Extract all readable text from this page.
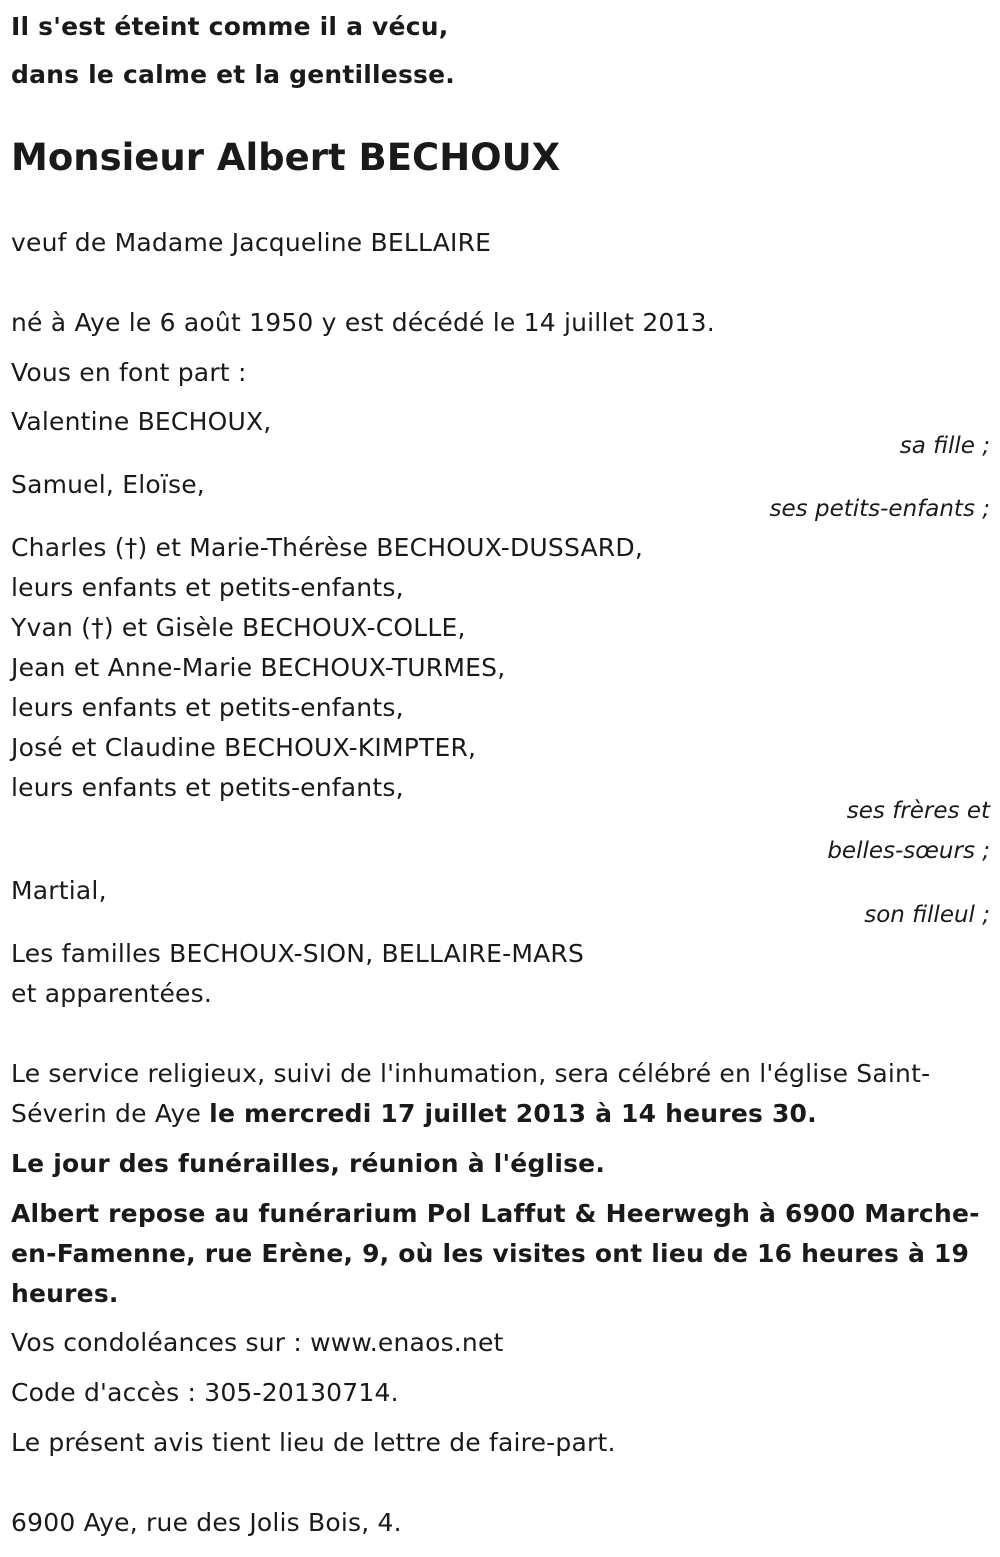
Il s'est éteint comme il a vécu,
dans le calme et la gentillesse.
Monsieur Albert BECHOUX
veuf de Madame Jacqueline BELLAIRE
né à Aye le 6 août 1950 y est décédé le 14 juillet 2013.
Vous en font part :
Valentine BECHOUX,
sa fille ;
Samuel, Eloïse,
ses petits-enfants ;
Charles (†) et Marie-Thérèse BECHOUX-DUSSARD,
leurs enfants et petits-enfants,
Yvan (†) et Gisèle BECHOUX-COLLE,
Jean et Anne-Marie BECHOUX-TURMES,
leurs enfants et petits-enfants,
José et Claudine BECHOUX-KIMPTER,
leurs enfants et petits-enfants,
ses frères et
belles-sœurs ;
Martial,
son filleul ;
Les familles BECHOUX-SION, BELLAIRE-MARS
et apparentées.
Le service religieux, suivi de l'inhumation, sera célébré en l'église Saint-
Séverin de Aye le mercredi 17 juillet 2013 à 14 heures 30.
Le jour des funérailles, réunion à l'église.
Albert repose au funérarium Pol Laffut & Heerwegh à 6900 Marche-
en-Famenne, rue Erène, 9, où les visites ont lieu de 16 heures à 19
heures.
Vos condoléances sur : www.enaos.net
Code d'accès : 305-20130714.
Le présent avis tient lieu de lettre de faire-part.
6900 Aye, rue des Jolis Bois, 4.
